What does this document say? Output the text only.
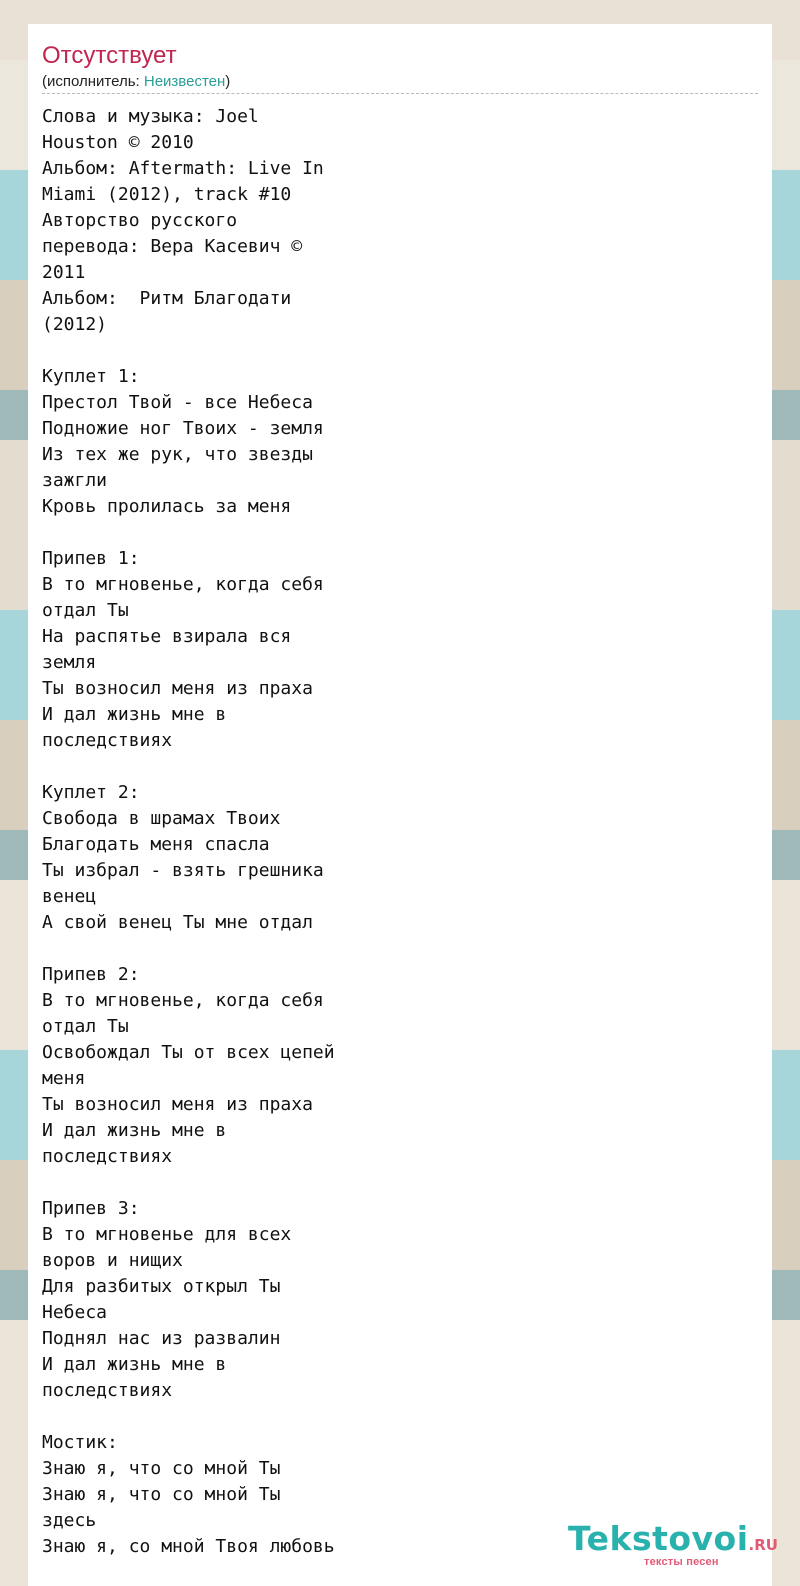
Отсутствует
(исполнитель: Неизвестен)
Слова и музыка: Joel
Houston © 2010
Альбом: Aftermath: Live In
Miami (2012), track #10
Авторство русского
перевода: Вера Касевич ©
2011
Альбом:  Ритм Благодати
(2012)

Куплет 1:
Престол Твой - все Небеса
Подножие ног Твоих - земля
Из тех же рук, что звезды
зажгли
Кровь пролилась за меня

Припев 1:
В то мгновенье, когда себя
отдал Ты
На распятье взирала вся
земля
Ты возносил меня из праха
И дал жизнь мне в
последствиях

Куплет 2:
Свобода в шрамах Твоих
Благодать меня спасла
Ты избрал - взять грешника
венец
А свой венец Ты мне отдал

Припев 2:
В то мгновенье, когда себя
отдал Ты
Освобождал Ты от всех цепей
меня
Ты возносил меня из праха
И дал жизнь мне в
последствиях

Припев 3:
В то мгновенье для всех
воров и нищих
Для разбитых открыл Ты
Небеса
Поднял нас из развалин
И дал жизнь мне в
последствиях

Мостик:
Знаю я, что со мной Ты
Знаю я, что со мной Ты здесь
Знаю я, со мной Твоя любовь	Tekstovoi.RU
тексты песен
